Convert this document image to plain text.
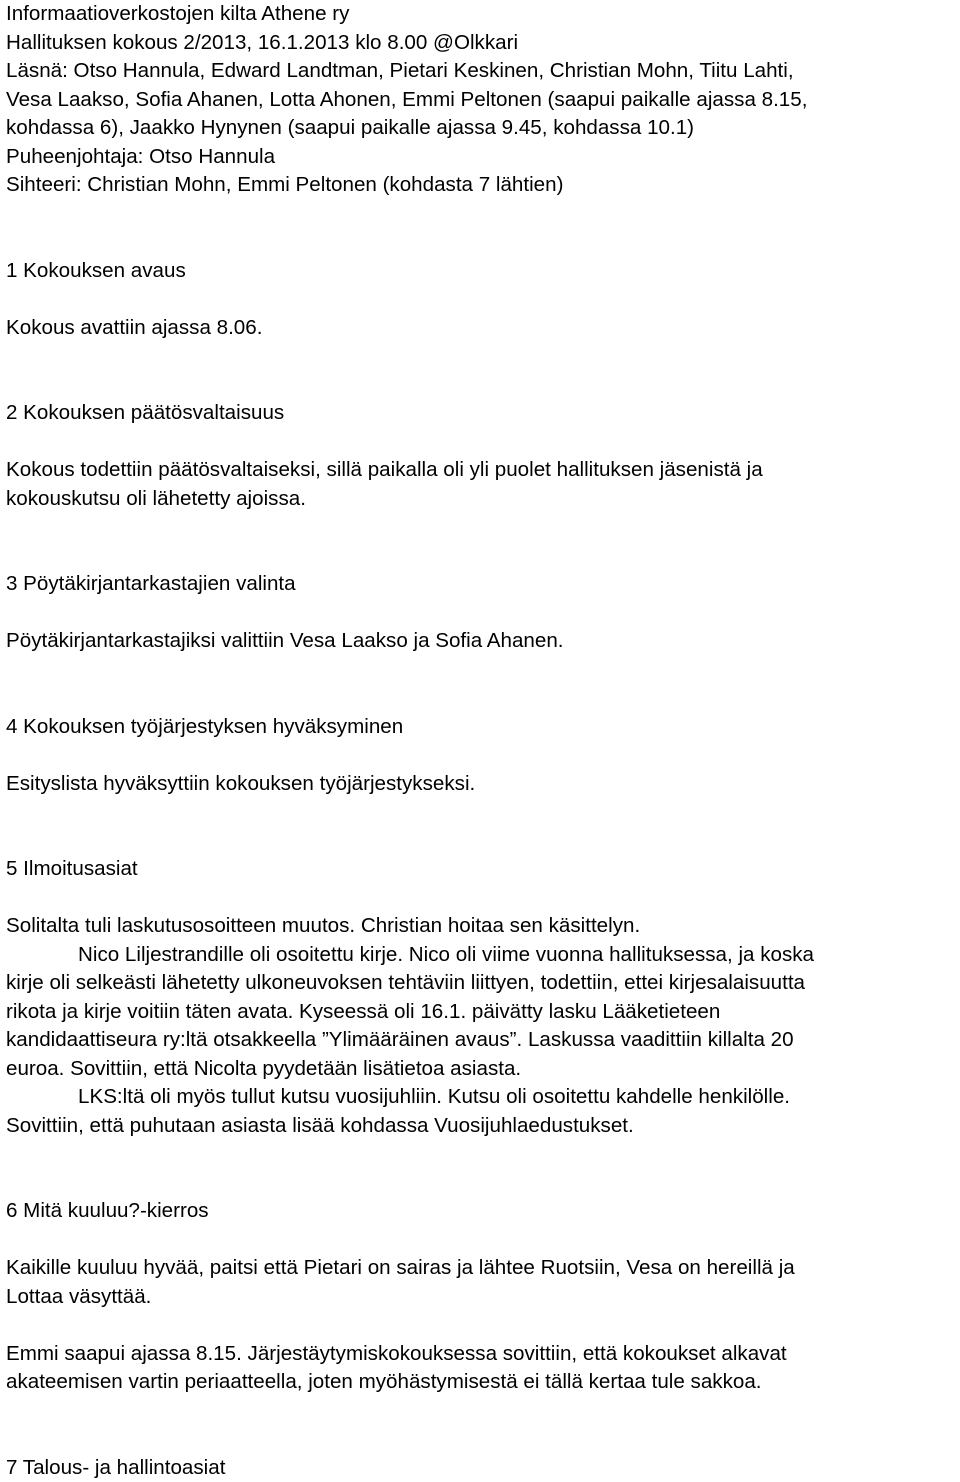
Informaatioverkostojen kilta Athene ry
Hallituksen kokous 2/2013, 16.1.2013 klo 8.00 @Olkkari
Läsnä: Otso Hannula, Edward Landtman, Pietari Keskinen, Christian Mohn, Tiitu Lahti,
Vesa Laakso, Sofia Ahanen, Lotta Ahonen, Emmi Peltonen (saapui paikalle ajassa 8.15,
kohdassa 6), Jaakko Hynynen (saapui paikalle ajassa 9.45, kohdassa 10.1)
Puheenjohtaja: Otso Hannula
Sihteeri: Christian Mohn, Emmi Peltonen (kohdasta 7 lähtien)
1 Kokouksen avaus
Kokous avattiin ajassa 8.06.
2 Kokouksen päätösvaltaisuus
Kokous todettiin päätösvaltaiseksi, sillä paikalla oli yli puolet hallituksen jäsenistä ja
kokouskutsu oli lähetetty ajoissa.
3 Pöytäkirjantarkastajien valinta
Pöytäkirjantarkastajiksi valittiin Vesa Laakso ja Sofia Ahanen.
4 Kokouksen työjärjestyksen hyväksyminen
Esityslista hyväksyttiin kokouksen työjärjestykseksi.
5 Ilmoitusasiat
Solitalta tuli laskutusosoitteen muutos. Christian hoitaa sen käsittelyn.
Nico Liljestrandille oli osoitettu kirje. Nico oli viime vuonna hallituksessa, ja koska
kirje oli selkeästi lähetetty ulkoneuvoksen tehtäviin liittyen, todettiin, ettei kirjesalaisuutta
rikota ja kirje voitiin täten avata. Kyseessä oli 16.1. päivätty lasku Lääketieteen
kandidaattiseura ry:ltä otsakkeella ”Ylimääräinen avaus”. Laskussa vaadittiin killalta 20
euroa. Sovittiin, että Nicolta pyydetään lisätietoa asiasta.
LKS:ltä oli myös tullut kutsu vuosijuhliin. Kutsu oli osoitettu kahdelle henkilölle.
Sovittiin, että puhutaan asiasta lisää kohdassa Vuosijuhlaedustukset.
6 Mitä kuuluu?-kierros
Kaikille kuuluu hyvää, paitsi että Pietari on sairas ja lähtee Ruotsiin, Vesa on hereillä ja
Lottaa väsyttää.
Emmi saapui ajassa 8.15. Järjestäytymiskokouksessa sovittiin, että kokoukset alkavat
akateemisen vartin periaatteella, joten myöhästymisestä ei tällä kertaa tule sakkoa.
7 Talous- ja hallintoasiat
